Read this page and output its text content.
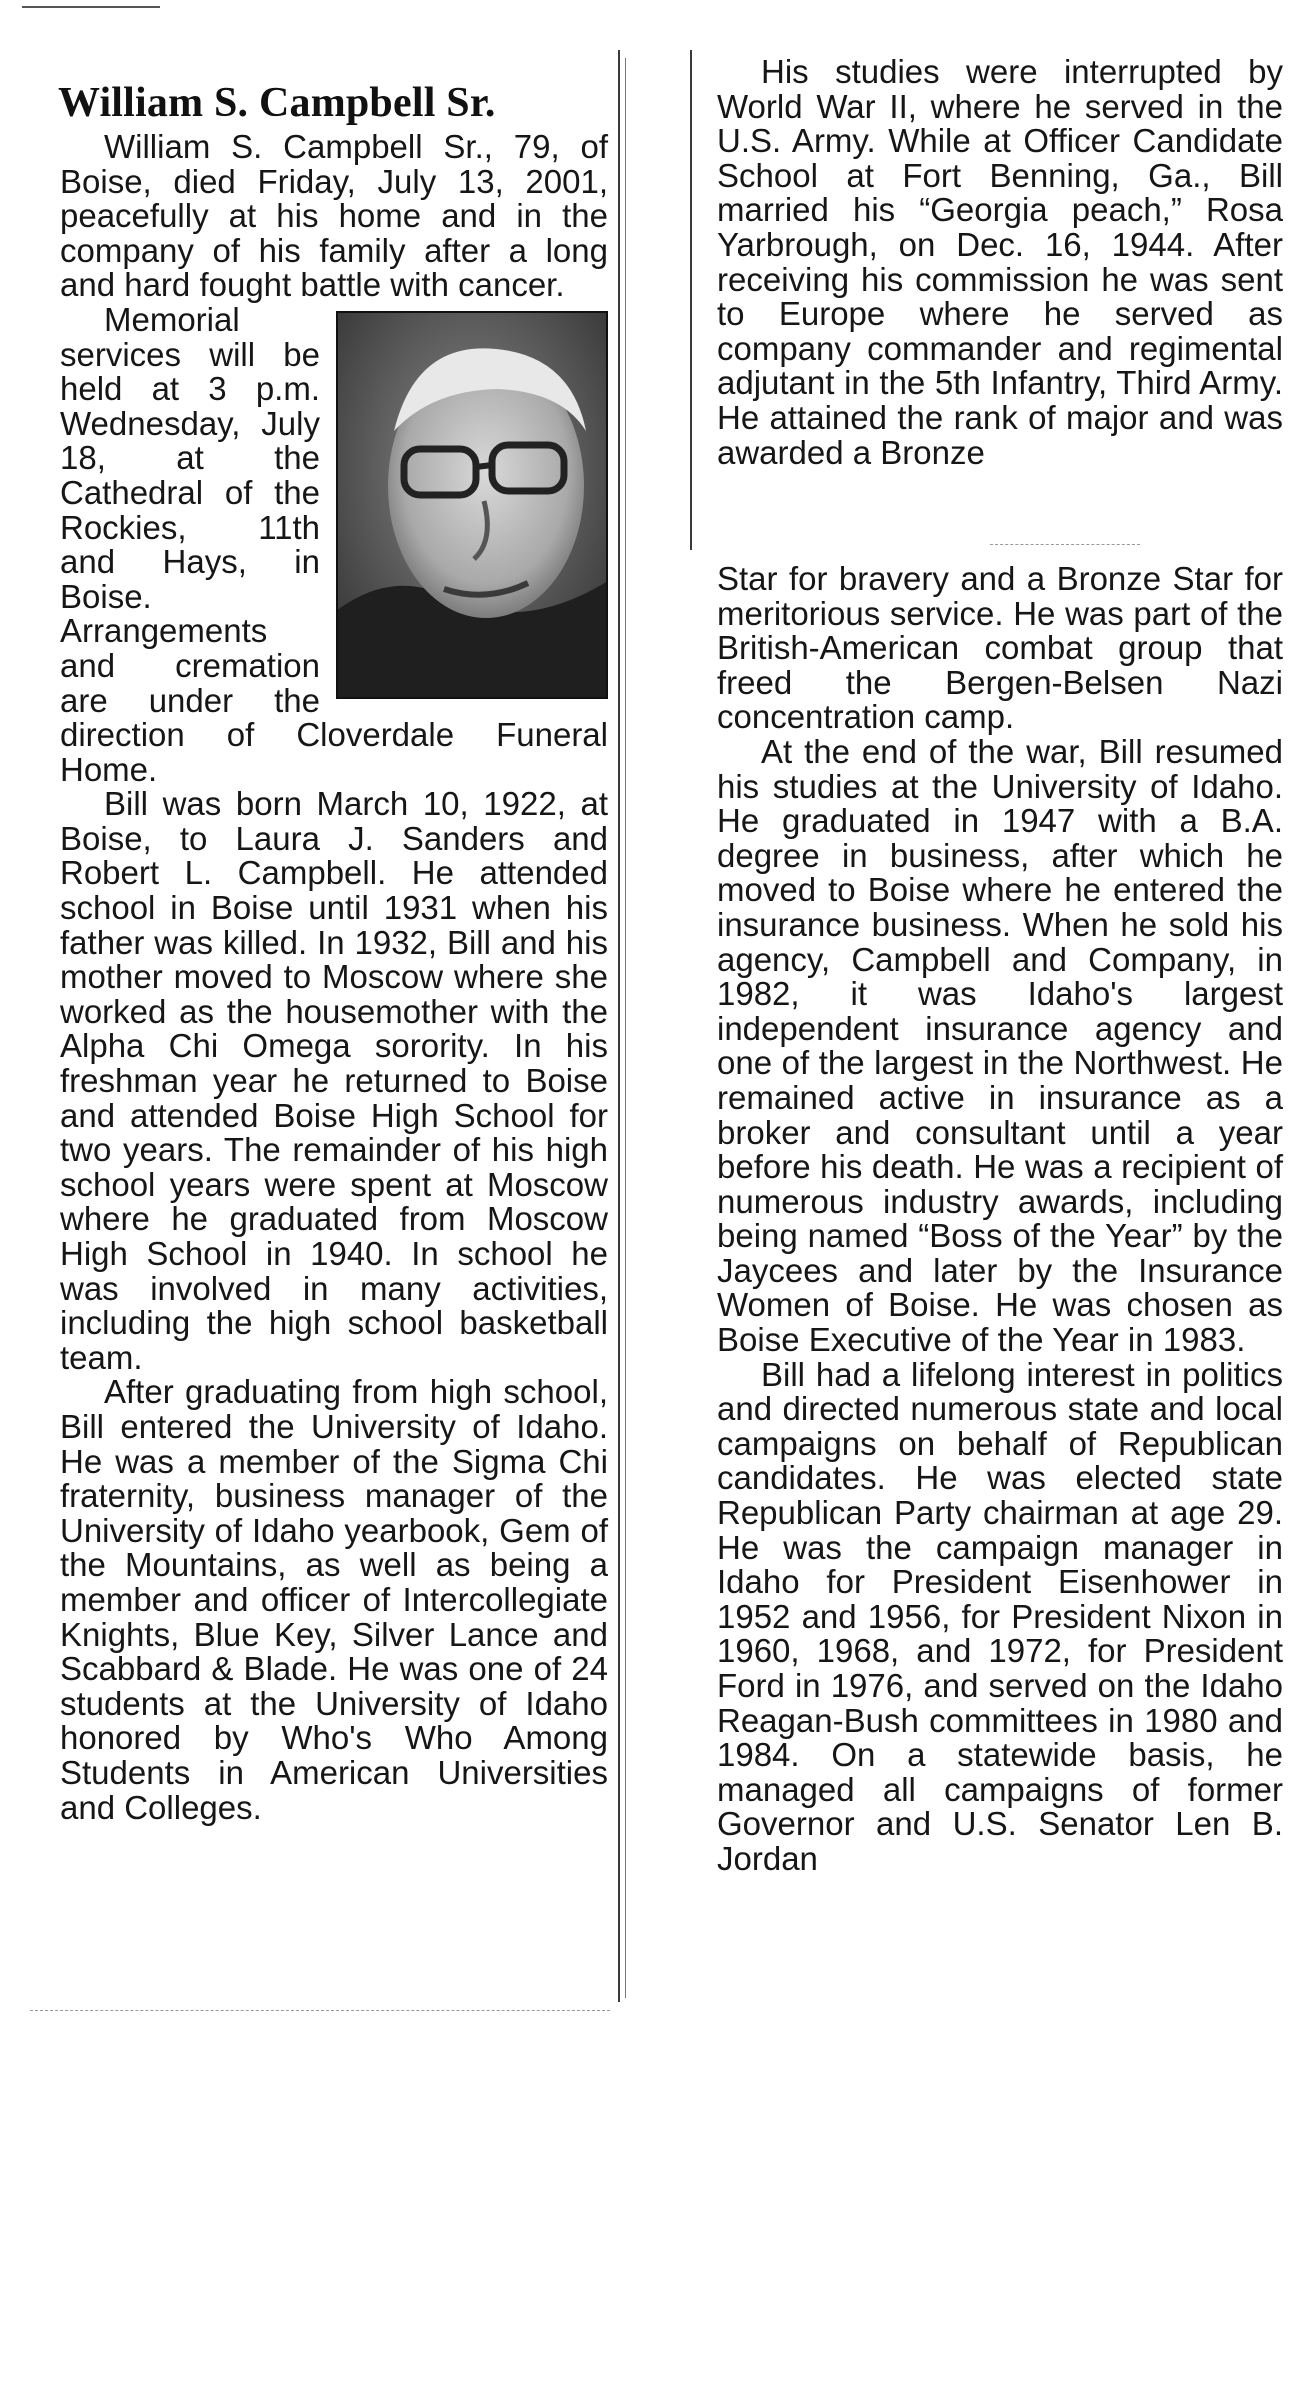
William S. Campbell Sr.

William S. Campbell Sr., 79, of Boise, died Friday, July 13, 2001, peacefully at his home and in the company of his family after a long and hard fought battle with cancer.

Memorial services will be held at 3 p.m. Wednesday, July 18, at the Cathedral of the Rockies, 11th and Hays, in Boise. Arrangements and cremation

are under the direction of Cloverdale Funeral Home.

Bill was born March 10, 1922, at Boise, to Laura J. Sanders and Robert L. Campbell. He attended school in Boise until 1931 when his father was killed. In 1932, Bill and his mother moved to Moscow where she worked as the housemother with the Alpha Chi Omega sorority. In his freshman year he returned to Boise and attended Boise High School for two years. The remainder of his high school years were spent at Moscow where he graduated from Moscow High School in 1940. In school he was involved in many activities, including the high school basketball team.

After graduating from high school, Bill entered the University of Idaho. He was a member of the Sigma Chi fraternity, business manager of the University of Idaho yearbook, Gem of the Mountains, as well as being a member and officer of Intercollegiate Knights, Blue Key, Silver Lance and Scabbard & Blade. He was one of 24 students at the University of Idaho honored by Who's Who Among Students in American Universities and Colleges.

His studies were interrupted by World War II, where he served in the U.S. Army. While at Officer Candidate School at Fort Benning, Ga., Bill married his “Georgia peach,” Rosa Yarbrough, on Dec. 16, 1944. After receiving his commission he was sent to Europe where he served as company commander and regimental adjutant in the 5th Infantry, Third Army. He attained the rank of major and was awarded a Bronze

Star for bravery and a Bronze Star for meritorious service. He was part of the British-American combat group that freed the Bergen-Belsen Nazi concentration camp.

At the end of the war, Bill resumed his studies at the University of Idaho. He graduated in 1947 with a B.A. degree in business, after which he moved to Boise where he entered the insurance business. When he sold his agency, Campbell and Company, in 1982, it was Idaho's largest independent insurance agency and one of the largest in the Northwest. He remained active in insurance as a broker and consultant until a year before his death. He was a recipient of numerous industry awards, including being named “Boss of the Year” by the Jaycees and later by the Insurance Women of Boise. He was chosen as Boise Executive of the Year in 1983.

Bill had a lifelong interest in politics and directed numerous state and local campaigns on behalf of Republican candidates. He was elected state Republican Party chairman at age 29. He was the campaign manager in Idaho for President Eisenhower in 1952 and 1956, for President Nixon in 1960, 1968, and 1972, for President Ford in 1976, and served on the Idaho Reagan-Bush committees in 1980 and 1984. On a statewide basis, he managed all campaigns of former Governor and U.S. Senator Len B. Jordan
